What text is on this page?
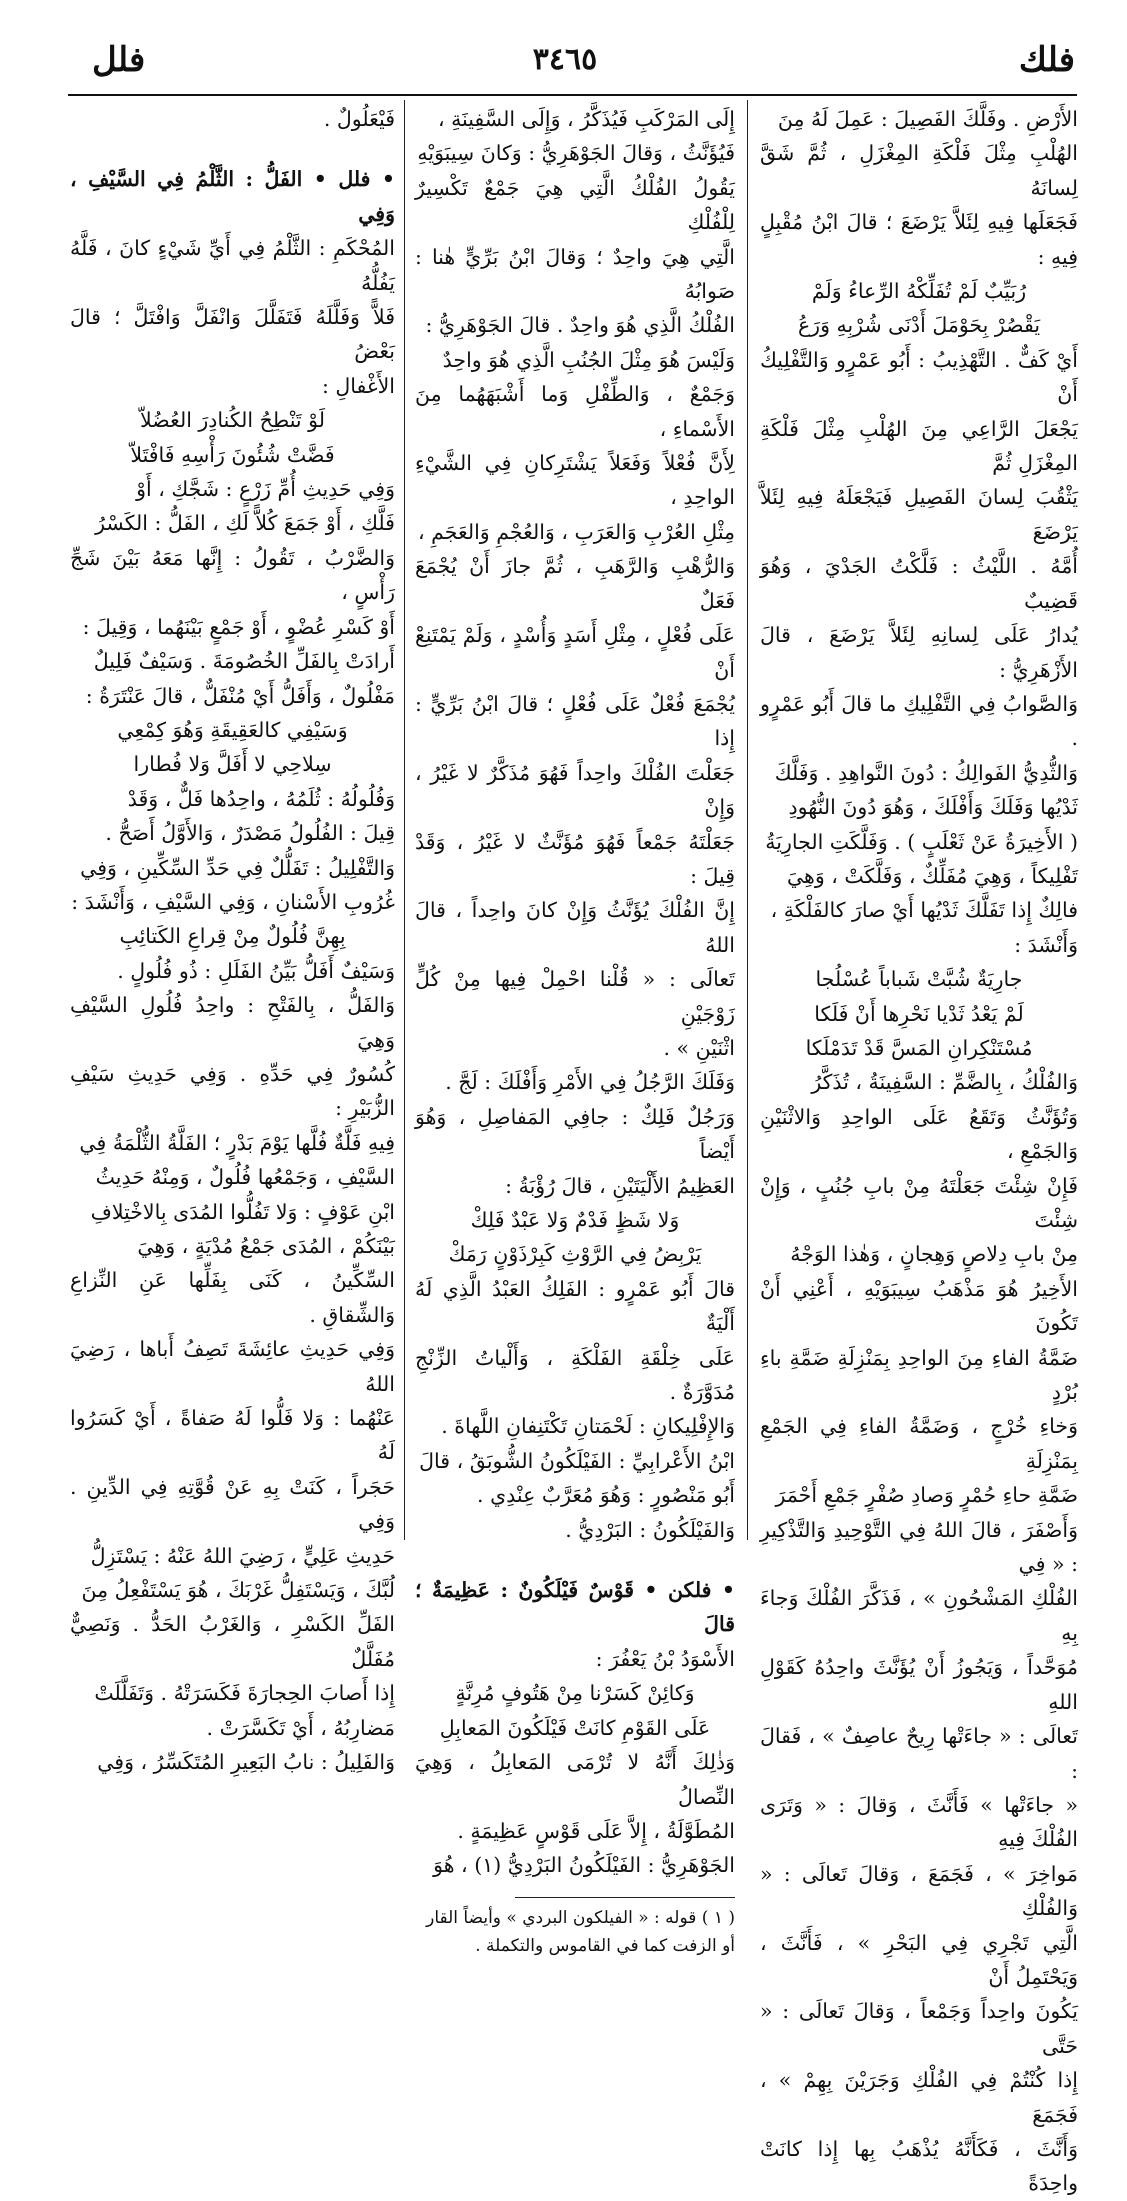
فلك
٣٤٦٥
فلل

الأَرْضِ . وفَلَّكَ الفَصِيلَ : عَمِلَ لَهُ مِنَ

الهُلْبِ مِثْلَ فَلْكَةِ المِغْزَلِ ، ثُمَّ شَقَّ لِسانَهُ

فَجَعَلَها فِيهِ لِئَلاَّ يَرْضَعَ ؛ قالَ ابْنُ مُقْبِلٍ فِيهِ :

رُبَيِّبٌ لَمْ تُفَلِّكْهُ الرِّعاءُ وَلَمْ

يَقْصُرْ بِحَوْمَلَ أَدْنَى شُرْبِهِ وَرَعُ

أَيْ كَفٌّ . التَّهْذِيبُ : أَبُو عَمْرٍو وَالتَّفْلِيكُ أَنْ

يَجْعَلَ الرَّاعِي مِنَ الهُلْبِ مِثْلَ فَلْكَةِ المِغْزَلِ ثُمَّ

يَثْقُبَ لِسانَ الفَصِيلِ فَيَجْعَلَهُ فِيهِ لِئَلاَّ يَرْضَعَ

أُمَّهُ . اللَّيْثُ : فَلَّكْتُ الجَدْيَ ، وَهُوَ قَضِيبٌ

يُدارُ عَلَى لِسانِهِ لِئَلاَّ يَرْضَعَ ، قالَ الأَزْهَرِيُّ :

وَالصَّوابُ فِي التَّفْلِيكِ ما قالَ أَبُو عَمْرٍو .

وَالثُّدِيُّ الفَوالِكُ : دُونَ النَّواهِدِ . وَفَلَّكَ

ثَدْيُها وَفَلَكَ وَأَفْلَكَ ، وَهُوَ دُونَ النُّهُودِ

( الأَخِيرَةُ عَنْ ثَعْلَبٍ ) . وَفَلَّكَتِ الجارِيَةُ

تَفْلِيكاً ، وَهِيَ مُفَلِّكٌ ، وَفَلَّكَتْ ، وَهِيَ

فالِكٌ إِذا تَفَلَّكَ ثَدْيُها أَيْ صارَ كالفَلْكَةِ ،

وَأَنْشَدَ :

جارِيَةٌ شُبَّتْ شَباباً عُسْلُجا

لَمْ يَعْدُ ثَدْيا نَحْرِها أَنْ فَلَكا

مُسْتَنْكِرانِ المَسَّ قَدْ تَدَمْلَكا

وَالفُلْكُ ، بِالضَّمِّ : السَّفِينَةُ ، تُذَكَّرُ

وَتُؤَنَّثُ وَتَقَعُ عَلَى الواحِدِ وَالاثْنَيْنِ وَالجَمْعِ ،

فَإِنْ شِئْتَ جَعَلْتَهُ مِنْ بابِ جُنُبٍ ، وَإِنْ شِئْتَ

مِنْ بابِ دِلاصٍ وَهِجانٍ ، وَهٰذا الوَجْهُ

الأَخِيرُ هُوَ مَذْهَبُ سِيبَوَيْهِ ، أَعْنِي أَنْ تَكُونَ

ضَمَّةُ الفاءِ مِنَ الواحِدِ بِمَنْزِلَةِ ضَمَّةِ باءِ بُرْدٍ

وَخاءِ خُرْجٍ ، وَضَمَّةُ الفاءِ فِي الجَمْعِ بِمَنْزِلَةِ

ضَمَّةِ حاءِ حُمْرٍ وَصادِ صُفْرٍ جَمْعِ أَحْمَرَ

وَأَصْفَرَ ، قالَ اللهُ فِي التَّوْحِيدِ وَالتَّذْكِيرِ : « فِي

الفُلْكِ المَشْحُونِ » ، فَذَكَّرَ الفُلْكَ وَجاءَ بِهِ

مُوَحَّداً ، وَيَجُوزُ أَنْ يُؤَنَّثَ واحِدُهُ كَقَوْلِ اللهِ

تَعالَى : « جاءَتْها رِيحٌ عاصِفٌ » ، فَقالَ :

« جاءَتْها » فَأَنَّثَ ، وَقالَ : « وَتَرَى الفُلْكَ فِيهِ

مَواخِرَ » ، فَجَمَعَ ، وَقالَ تَعالَى : « وَالفُلْكِ

الَّتِي تَجْرِي فِي البَحْرِ » ، فَأَنَّثَ ، وَيَحْتَمِلُ أَنْ

يَكُونَ واحِداً وَجَمْعاً ، وَقالَ تَعالَى : « حَتَّى

إِذا كُنْتُمْ فِي الفُلْكِ وَجَرَيْنَ بِهِمْ » ، فَجَمَعَ

وَأَنَّثَ ، فَكَأَنَّهُ يُذْهَبُ بِها إِذا كانَتْ واحِدَةً

إِلَى المَرْكَبِ فَيُذَكَّرُ ، وَإِلَى السَّفِينَةِ ،

فَيُؤَنَّثُ ، وَقالَ الجَوْهَرِيُّ : وَكانَ سِيبَوَيْهِ

يَقُولُ الفُلْكُ الَّتِي هِيَ جَمْعٌ تَكْسِيرٌ لِلْفُلْكِ

الَّتِي هِيَ واحِدٌ ؛ وَقالَ ابْنُ بَرِّيٍّ هٰنا : صَوابُهُ

الفُلْكُ الَّذِي هُوَ واحِدٌ . قالَ الجَوْهَرِيُّ :

وَلَيْسَ هُوَ مِثْلَ الجُنُبِ الَّذِي هُوَ واحِدٌ

وَجَمْعٌ ، وَالطِّفْلِ وَما أَشْبَهَهُما مِنَ الأَسْماءِ ،

لِأَنَّ فُعْلاً وَفَعَلاً يَشْتَرِكانِ فِي الشَّيْءِ الواحِدِ ،

مِثْلِ العُرْبِ وَالعَرَبِ ، وَالعُجْمِ وَالعَجَمِ ،

وَالرُّهْبِ وَالرَّهَبِ ، ثُمَّ جازَ أَنْ يُجْمَعَ فَعَلٌ

عَلَى فُعْلٍ ، مِثْلِ أَسَدٍ وَأُسْدٍ ، وَلَمْ يَمْتَنِعْ أَنْ

يُجْمَعَ فُعْلٌ عَلَى فُعْلٍ ؛ قالَ ابْنُ بَرِّيٍّ : إِذا

جَعَلْتَ الفُلْكَ واحِداً فَهُوَ مُذَكَّرٌ لا غَيْرُ ، وَإِنْ

جَعَلْتَهُ جَمْعاً فَهُوَ مُؤَنَّثٌ لا غَيْرُ ، وَقَدْ قِيلَ :

إِنَّ الفُلْكَ يُؤَنَّثُ وَإِنْ كانَ واحِداً ، قالَ اللهُ

تَعالَى : « قُلْنا احْمِلْ فِيها مِنْ كُلٍّ زَوْجَيْنِ

اثْنَيْنِ » .

وَفَلَكَ الرَّجُلُ فِي الأَمْرِ وَأَفْلَكَ : لَجَّ .

وَرَجُلٌ فَلِكٌ : جافِي المَفاصِلِ ، وَهُوَ أَيْضاً

العَظِيمُ الأَلْيَتَيْنِ ، قالَ رُؤْبَةُ :

وَلا شَظٍ فَدْمٌ وَلا عَبْدٌ فَلِكْ

يَرْبِضُ فِي الرَّوْثِ كَبِرْذَوْنٍ رَمَكْ

قالَ أَبُو عَمْرٍو : الفَلِكُ العَبْدُ الَّذِي لَهُ أَلْيَةٌ

عَلَى خِلْقَةِ الفَلْكَةِ ، وَأَلْياتُ الزِّنْجِ مُدَوَّرَةٌ .

وَالإِفْلِيكانِ : لَحْمَتانِ تَكْتَنِفانِ اللَّهاةَ .

ابْنُ الأَعْرابِيِّ : الفَيْلَكُونُ الشُّوبَقُ ، قالَ

أَبُو مَنْصُورٍ : وَهُوَ مُعَرَّبٌ عِنْدِي .

وَالفَيْلَكُونُ : البَرْدِيُّ .

• فلكن • قَوْسٌ فَيْلَكُونٌ : عَظِيمَةٌ ؛ قالَ

الأَسْوَدُ بْنُ يَعْفُرَ :

وَكائِنْ كَسَرْنا مِنْ هَتُوفٍ مُرِنَّةٍ

عَلَى القَوْمِ كانَتْ فَيْلَكُونَ المَعابِلِ

وَذٰلِكَ أَنَّهُ لا تُرْمَى المَعابِلُ ، وَهِيَ النِّصالُ

المُطَوَّلَةُ ، إِلاَّ عَلَى قَوْسٍ عَظِيمَةٍ .

الجَوْهَرِيُّ : الفَيْلَكُونُ البَرْدِيُّ (١) ، هُوَ

( ١ ) قوله : « الفيلكون البردي » وأيضاً القار

أو الزفت كما في القاموس والتكملة .

فَيْعَلُولٌ .

• فلل • الفَلُّ : الثَّلْمُ فِي السَّيْفِ ، وَفِي

المُحْكَمِ : الثَّلْمُ فِي أَيِّ شَيْءٍ كانَ ، فَلَّهُ يَفُلُّهُ

فَلاًّ وَفَلَّلَهُ فَتَفَلَّلَ وَانْفَلَّ وَافْتَلَّ ؛ قالَ بَعْضُ

الأَغْفالِ :

لَوْ تَنْطِحُ الكُنادِرَ العُضُلاّ

فَضَّتْ شُئُونَ رَأْسِهِ فَافْتَلاّ

وَفِي حَدِيثِ أُمِّ زَرْعٍ : شَجَّكِ ، أَوْ

فَلَّكِ ، أَوْ جَمَعَ كُلاًّ لَكِ ، الفَلُّ : الكَسْرُ

وَالضَّرْبُ ، تَقُولُ : إِنَّها مَعَهُ بَيْنَ شَجِّ رَأْسٍ ،

أَوْ كَسْرِ عُضْوٍ ، أَوْ جَمْعٍ بَيْنَهُما ، وَقِيلَ :

أَرادَتْ بِالفَلِّ الخُصُومَةَ . وَسَيْفٌ فَلِيلٌ

مَفْلُولٌ ، وَأَفَلُّ أَيْ مُنْفَلٌّ ، قالَ عَنْتَرَةُ :

وَسَيْفِي كالعَقِيقَةِ وَهُوَ كِمْعِي

سِلاحِي لا أَفَلَّ وَلا فُطارا

وَفُلُولُهُ : ثُلَمُهُ ، واحِدُها فَلٌّ ، وَقَدْ

قِيلَ : الفُلُولُ مَصْدَرٌ ، وَالأَوَّلُ أَصَحُّ .

وَالتَّفْلِيلُ : تَفَلُّلٌ فِي حَدِّ السِّكِّينِ ، وَفِي

غُرُوبِ الأَسْنانِ ، وَفِي السَّيْفِ ، وَأَنْشَدَ :

بِهِنَّ فُلُولٌ مِنْ قِراعِ الكَتائِبِ

وَسَيْفٌ أَفَلُّ بَيِّنُ الفَلَلِ : ذُو فُلُولٍ .

وَالفَلُّ ، بِالفَتْحِ : واحِدُ فُلُولِ السَّيْفِ وَهِيَ

كُسُورٌ فِي حَدِّهِ . وَفِي حَدِيثِ سَيْفِ الزُّبَيْرِ :

فِيهِ فَلَّةٌ فُلَّها يَوْمَ بَدْرٍ ؛ الفَلَّةُ الثُّلْمَةُ فِي

السَّيْفِ ، وَجَمْعُها فُلُولٌ ، وَمِنْهُ حَدِيثُ

ابْنِ عَوْفٍ : وَلا تَفُلُّوا المُدَى بِالاخْتِلافِ

بَيْنَكُمْ ، المُدَى جَمْعُ مُدْيَةٍ ، وَهِيَ

السِّكِّينُ ، كَنَى بِفَلِّها عَنِ النِّزاعِ وَالشِّقاقِ .

وَفِي حَدِيثِ عائِشَةَ تَصِفُ أَباها ، رَضِيَ اللهُ

عَنْهُما : وَلا فَلُّوا لَهُ صَفاةً ، أَيْ كَسَرُوا لَهُ

حَجَراً ، كَنَتْ بِهِ عَنْ قُوَّتِهِ فِي الدِّينِ . وَفِي

حَدِيثِ عَلِيٍّ ، رَضِيَ اللهُ عَنْهُ : يَسْتَزِلُّ

لُبَّكَ ، وَيَسْتَفِلُّ غَرْبَكَ ، هُوَ يَسْتَفْعِلُ مِنَ

الفَلِّ الكَسْرِ ، وَالغَرْبُ الحَدُّ . وَنَصِيٌّ مُفَلَّلٌ

إِذا أَصابَ الحِجارَةَ فَكَسَرَتْهُ . وَتَفَلَّلَتْ

مَضارِبُهُ ، أَيْ تَكَسَّرَتْ .

وَالفَلِيلُ : نابُ البَعِيرِ المُتَكَسِّرُ ، وَفِي
